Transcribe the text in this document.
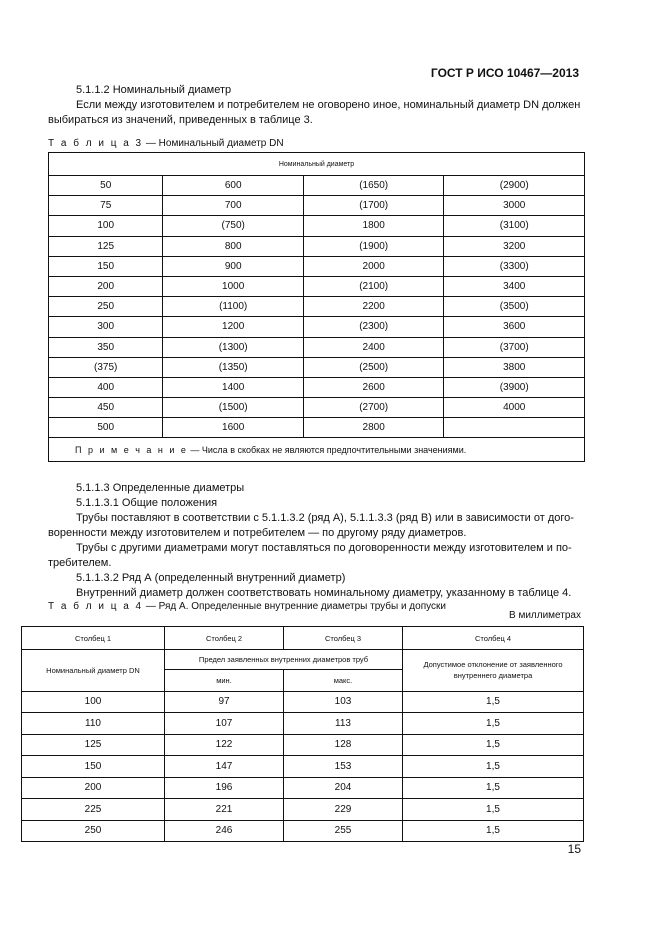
ГОСТ Р ИСО 10467—2013
5.1.1.2 Номинальный диаметр
Если между изготовителем и потребителем не оговорено иное, номинальный диаметр DN должен
выбираться из значений, приведенных в таблице 3.
Т а б л и ц а 3 — Номинальный диаметр DN
Номинальный диаметр			
50	600	(1650)	(2900)
75	700	(1700)	3000
100	(750)	1800	(3100)
125	800	(1900)	3200
150	900	2000	(3300)
200	1000	(2100)	3400
250	(1100)	2200	(3500)
300	1200	(2300)	3600
350	(1300)	2400	(3700)
(375)	(1350)	(2500)	3800
400	1400	2600	(3900)
450	(1500)	(2700)	4000
500	1600	2800	
П р и м е ч а н и е — Числа в скобках не являются предпочтительными значениями.			
5.1.1.3 Определенные диаметры
5.1.1.3.1 Общие положения
Трубы поставляют в соответствии с 5.1.1.3.2 (ряд А), 5.1.1.3.3 (ряд В) или в зависимости от дого-
воренности между изготовителем и потребителем — по другому ряду диаметров.
Трубы с другими диаметрами могут поставляться по договоренности между изготовителем и по-
требителем.
5.1.1.3.2 Ряд А (определенный внутренний диаметр)
Внутренний диаметр должен соответствовать номинальному диаметру, указанному в таблице 4.
Т а б л и ц а 4 — Ряд А. Определенные внутренние диаметры трубы и допуски
В миллиметрах
Столбец 1	Столбец 2	Столбец 3	Столбец 4
Номинальный диаметр DN	Предел заявленных внутренних диаметров труб		Допустимое отклонение от заявленного внутреннего диаметра
	мин.	макс.	
100	97	103	1,5
110	107	113	1,5
125	122	128	1,5
150	147	153	1,5
200	196	204	1,5
225	221	229	1,5
250	246	255	1,5
15
